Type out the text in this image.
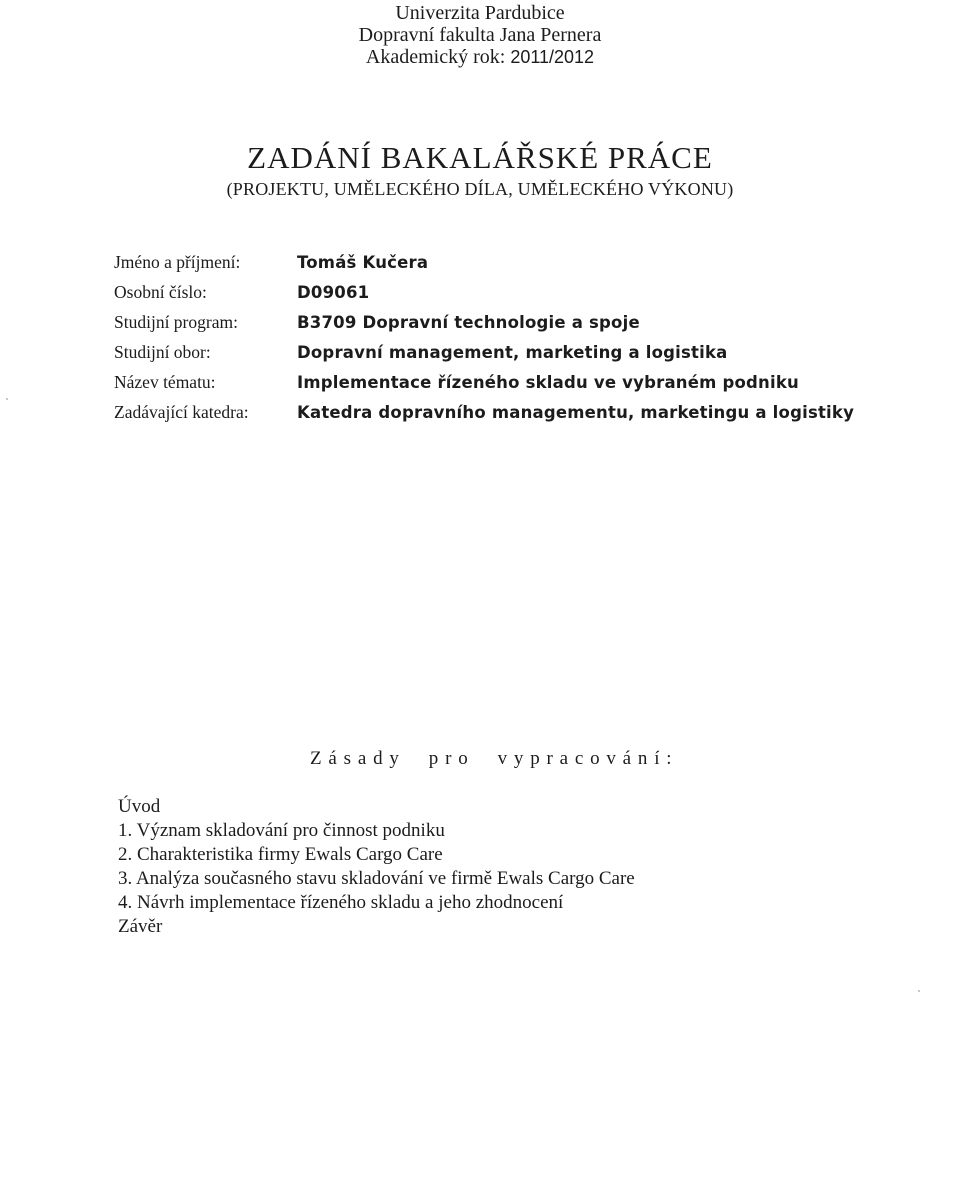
Univerzita Pardubice
Dopravní fakulta Jana Pernera
Akademický rok: 2011/2012
ZADÁNÍ BAKALÁŘSKÉ PRÁCE
(PROJEKTU, UMĚLECKÉHO DÍLA, UMĚLECKÉHO VÝKONU)
Jméno a příjmení:	Tomáš Kučera
Osobní číslo:	D09061
Studijní program:	B3709 Dopravní technologie a spoje
Studijní obor:	Dopravní management, marketing a logistika
Název tématu:	Implementace řízeného skladu ve vybraném podniku
Zadávající katedra:	Katedra dopravního managementu, marketingu a logistiky
Zásady  pro  vypracování:
Úvod
1. Význam skladování pro činnost podniku
2. Charakteristika firmy Ewals Cargo Care
3. Analýza současného stavu skladování ve firmě Ewals Cargo Care
4. Návrh implementace řízeného skladu a jeho zhodnocení
Závěr
